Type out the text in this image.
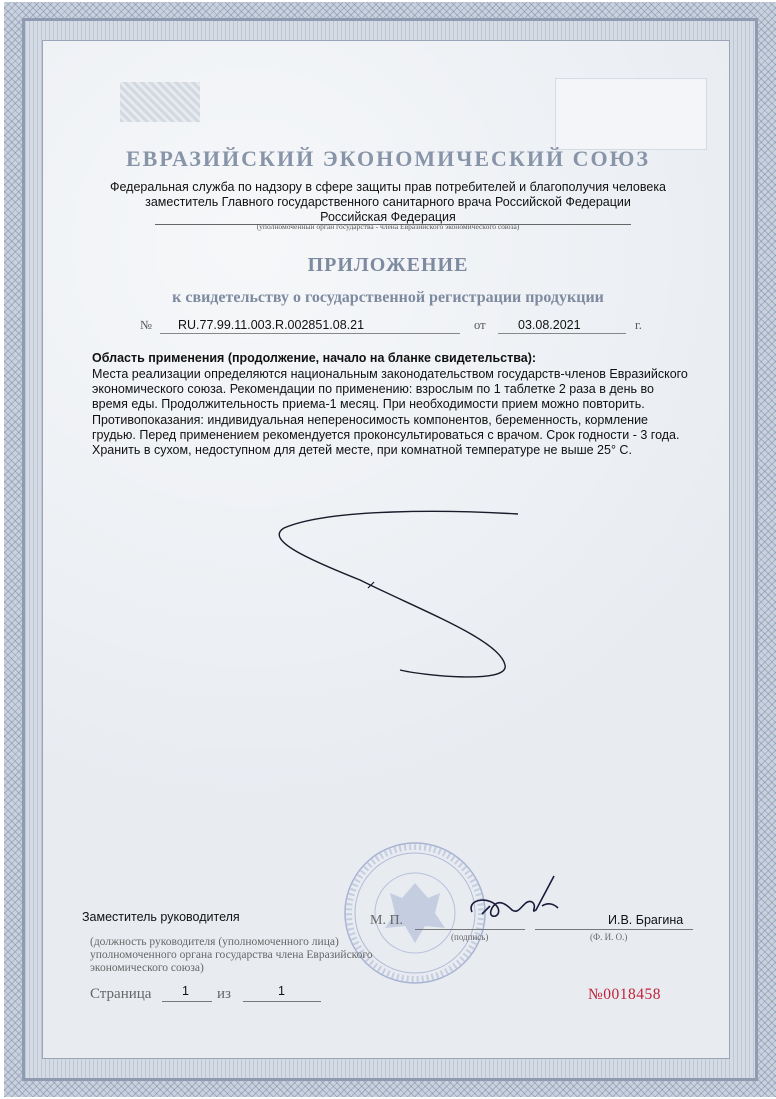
ЕВРАЗИЙСКИЙ ЭКОНОМИЧЕСКИЙ СОЮЗ
Федеральная служба по надзору в сфере защиты прав потребителей и благополучия человека
заместитель Главного государственного санитарного врача Российской Федерации
Российская Федерация
(уполномоченный орган государства - члена Евразийского экономического союза)
ПРИЛОЖЕНИЕ
к свидетельству о государственной регистрации продукции
№ RU.77.99.11.003.R.002851.08.21	от	03.08.2021	г.
Область применения (продолжение, начало на бланке свидетельства):
Места реализации определяются национальным законодательством государств-членов Евразийского экономического союза. Рекомендации по применению: взрослым по 1 таблетке 2 раза в день во время еды. Продолжительность приема-1 месяц. При необходимости прием можно повторить. Противопоказания: индивидуальная непереносимость компонентов, беременность, кормление грудью. Перед применением рекомендуется проконсультироваться с врачом. Срок годности - 3 года. Хранить в сухом, недоступном для детей месте, при комнатной температуре не выше 25° С.
Заместитель руководителя	М. П.
(подпись)
И.В. Брагина
(Ф. И. О.)
(должность руководителя (уполномоченного лица) уполномоченного органа государства члена Евразийского экономического союза)
Страница 1 из	1	№0018458
